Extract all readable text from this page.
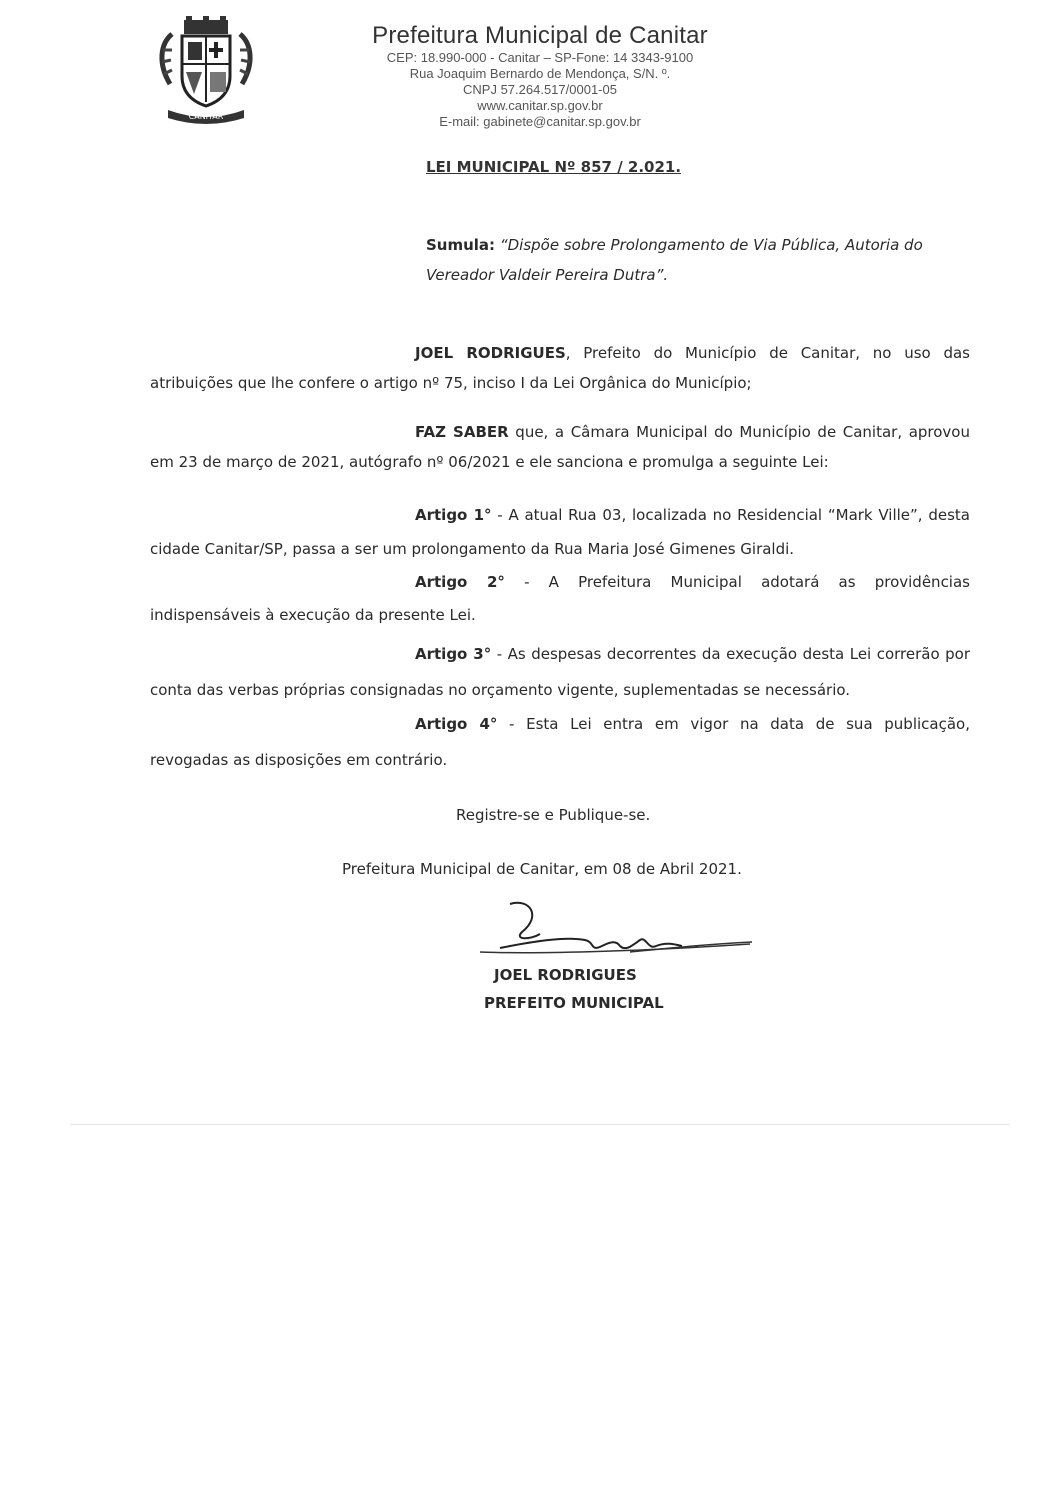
CANITAR
Prefeitura Municipal de Canitar
CEP: 18.990-000 - Canitar – SP-Fone: 14 3343-9100
Rua Joaquim Bernardo de Mendonça, S/N. º.
CNPJ 57.264.517/0001-05
www.canitar.sp.gov.br
E-mail: gabinete@canitar.sp.gov.br
LEI MUNICIPAL Nº 857 / 2.021.
Sumula: “Dispõe sobre Prolongamento de Via Pública, Autoria do Vereador Valdeir Pereira Dutra”.
JOEL RODRIGUES, Prefeito do Município de Canitar, no uso das atribuições que lhe confere o artigo nº 75, inciso I da Lei Orgânica do Município;
FAZ SABER que, a Câmara Municipal do Município de Canitar, aprovou em 23 de março de 2021, autógrafo nº 06/2021 e ele sanciona e promulga a seguinte Lei:
Artigo 1° - A atual Rua 03, localizada no Residencial “Mark Ville”, desta cidade Canitar/SP, passa a ser um prolongamento da Rua Maria José Gimenes Giraldi.
Artigo 2° - A Prefeitura Municipal adotará as providências indispensáveis à execução da presente Lei.
Artigo 3° - As despesas decorrentes da execução desta Lei correrão por conta das verbas próprias consignadas no orçamento vigente, suplementadas se necessário.
Artigo 4° - Esta Lei entra em vigor na data de sua publicação, revogadas as disposições em contrário.
Registre-se e Publique-se.
Prefeitura Municipal de Canitar, em 08 de Abril 2021.
JOEL RODRIGUES
PREFEITO MUNICIPAL
